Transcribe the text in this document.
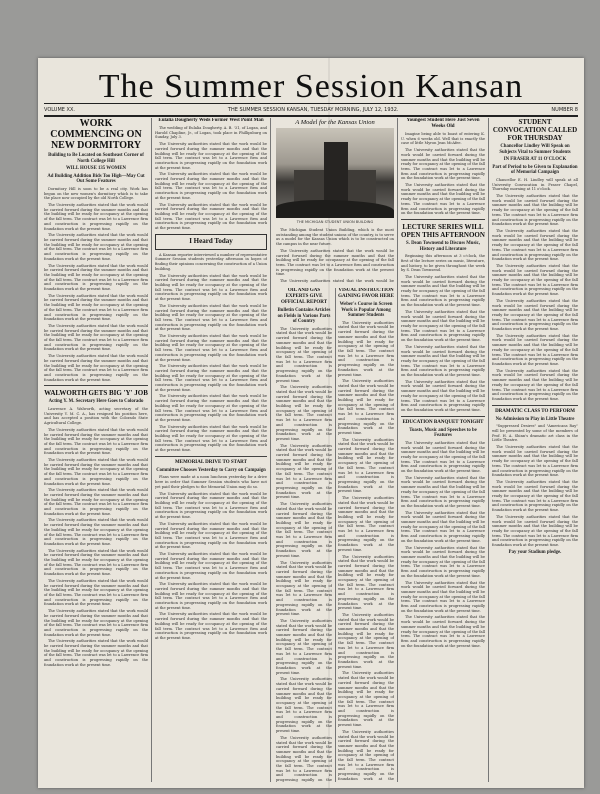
The Summer Session Kansan
VOLUME XX.	THE SUMMER SESSION KANSAN, TUESDAY MORNING, JULY 12, 1932.	NUMBER 8
WORK COMMENCING ON NEW DORMITORY
Building to Be Located on Southeast Corner of North College Hill
WILL HOUSE 135 WOMEN
Ad Building Addition Bids Too High—May Cut Out Some Features

Dormitory Hill is soon to be a real city. Work has begun on the new women's dormitory which is to take the place now occupied by the old North College.

The University authorities stated that the work would be carried forward during the summer months and that the building will be ready for occupancy at the opening of the fall term. The contract was let to a Lawrence firm and construction is progressing rapidly on the foundation work at the present time.

The University authorities stated that the work would be carried forward during the summer months and that the building will be ready for occupancy at the opening of the fall term. The contract was let to a Lawrence firm and construction is progressing rapidly on the foundation work at the present time.

The University authorities stated that the work would be carried forward during the summer months and that the building will be ready for occupancy at the opening of the fall term. The contract was let to a Lawrence firm and construction is progressing rapidly on the foundation work at the present time.

The University authorities stated that the work would be carried forward during the summer months and that the building will be ready for occupancy at the opening of the fall term. The contract was let to a Lawrence firm and construction is progressing rapidly on the foundation work at the present time.

The University authorities stated that the work would be carried forward during the summer months and that the building will be ready for occupancy at the opening of the fall term. The contract was let to a Lawrence firm and construction is progressing rapidly on the foundation work at the present time.

The University authorities stated that the work would be carried forward during the summer months and that the building will be ready for occupancy at the opening of the fall term. The contract was let to a Lawrence firm and construction is progressing rapidly on the foundation work at the present time.

WALWORTH GETS BIG 'Y' JOB
Acting Y. M. Secretary Here Goes to Colorado

Lawrence A. Walworth, acting secretary of the University Y. M. C. A., has resigned his position here, and has accepted a position with the Colorado State Agricultural College.

The University authorities stated that the work would be carried forward during the summer months and that the building will be ready for occupancy at the opening of the fall term. The contract was let to a Lawrence firm and construction is progressing rapidly on the foundation work at the present time.

The University authorities stated that the work would be carried forward during the summer months and that the building will be ready for occupancy at the opening of the fall term. The contract was let to a Lawrence firm and construction is progressing rapidly on the foundation work at the present time.

The University authorities stated that the work would be carried forward during the summer months and that the building will be ready for occupancy at the opening of the fall term. The contract was let to a Lawrence firm and construction is progressing rapidly on the foundation work at the present time.

The University authorities stated that the work would be carried forward during the summer months and that the building will be ready for occupancy at the opening of the fall term. The contract was let to a Lawrence firm and construction is progressing rapidly on the foundation work at the present time.

The University authorities stated that the work would be carried forward during the summer months and that the building will be ready for occupancy at the opening of the fall term. The contract was let to a Lawrence firm and construction is progressing rapidly on the foundation work at the present time.

The University authorities stated that the work would be carried forward during the summer months and that the building will be ready for occupancy at the opening of the fall term. The contract was let to a Lawrence firm and construction is progressing rapidly on the foundation work at the present time.

The University authorities stated that the work would be carried forward during the summer months and that the building will be ready for occupancy at the opening of the fall term. The contract was let to a Lawrence firm and construction is progressing rapidly on the foundation work at the present time.

The University authorities stated that the work would be carried forward during the summer months and that the building will be ready for occupancy at the opening of the fall term. The contract was let to a Lawrence firm and construction is progressing rapidly on the foundation work at the present time.

Eulalia Dougherty Weds Former West Point Man

The wedding of Eulalia Dougherty, A. B. '31, of Logan, and Harold Chapline, Jr., of Logan, took place in Phillipsburg on Sunday, July 3.

The University authorities stated that the work would be carried forward during the summer months and that the building will be ready for occupancy at the opening of the fall term. The contract was let to a Lawrence firm and construction is progressing rapidly on the foundation work at the present time.

The University authorities stated that the work would be carried forward during the summer months and that the building will be ready for occupancy at the opening of the fall term. The contract was let to a Lawrence firm and construction is progressing rapidly on the foundation work at the present time.

The University authorities stated that the work would be carried forward during the summer months and that the building will be ready for occupancy at the opening of the fall term. The contract was let to a Lawrence firm and construction is progressing rapidly on the foundation work at the present time.

I Heard Today

A Kansan reporter interviewed a number of representative Summer Session students yesterday afternoon in hopes of finding their opinions concerning the construction of a Union building.

The University authorities stated that the work would be carried forward during the summer months and that the building will be ready for occupancy at the opening of the fall term. The contract was let to a Lawrence firm and construction is progressing rapidly on the foundation work at the present time.

The University authorities stated that the work would be carried forward during the summer months and that the building will be ready for occupancy at the opening of the fall term. The contract was let to a Lawrence firm and construction is progressing rapidly on the foundation work at the present time.

The University authorities stated that the work would be carried forward during the summer months and that the building will be ready for occupancy at the opening of the fall term. The contract was let to a Lawrence firm and construction is progressing rapidly on the foundation work at the present time.

The University authorities stated that the work would be carried forward during the summer months and that the building will be ready for occupancy at the opening of the fall term. The contract was let to a Lawrence firm and construction is progressing rapidly on the foundation work at the present time.

The University authorities stated that the work would be carried forward during the summer months and that the building will be ready for occupancy at the opening of the fall term. The contract was let to a Lawrence firm and construction is progressing rapidly on the foundation work at the present time.

The University authorities stated that the work would be carried forward during the summer months and that the building will be ready for occupancy at the opening of the fall term. The contract was let to a Lawrence firm and construction is progressing rapidly on the foundation work at the present time.

MEMORIAL DRIVE TO START
Committee Chooses Yesterday to Carry on Campaign

Plans were made at a noon luncheon yesterday for a drive here in order that Summer Session students who have not yet paid their pledges to the Memorial Union may do so.

The University authorities stated that the work would be carried forward during the summer months and that the building will be ready for occupancy at the opening of the fall term. The contract was let to a Lawrence firm and construction is progressing rapidly on the foundation work at the present time.

The University authorities stated that the work would be carried forward during the summer months and that the building will be ready for occupancy at the opening of the fall term. The contract was let to a Lawrence firm and construction is progressing rapidly on the foundation work at the present time.

The University authorities stated that the work would be carried forward during the summer months and that the building will be ready for occupancy at the opening of the fall term. The contract was let to a Lawrence firm and construction is progressing rapidly on the foundation work at the present time.

The University authorities stated that the work would be carried forward during the summer months and that the building will be ready for occupancy at the opening of the fall term. The contract was let to a Lawrence firm and construction is progressing rapidly on the foundation work at the present time.

The University authorities stated that the work would be carried forward during the summer months and that the building will be ready for occupancy at the opening of the fall term. The contract was let to a Lawrence firm and construction is progressing rapidly on the foundation work at the present time.

A Model for the Kansas Union
THE MICHIGAN STUDENT UNION BUILDING

The Michigan Student Union Building, which is the most outstanding among the student unions of the country, is to serve as a model for the Kansas Union which is to be constructed on the campus in the near future.

The University authorities stated that the work would be carried forward during the summer months and that the building will be ready for occupancy at the opening of the fall term. The contract was let to a Lawrence firm and construction is progressing rapidly on the foundation work at the present time.

The University authorities stated that the work would be

OIL AND GAS EXPERTS GIVE OFFICIAL REPORT
Bulletin Contains Articles on Fields in Various Parts of Country

The University authorities stated that the work would be carried forward during the summer months and that the building will be ready for occupancy at the opening of the fall term. The contract was let to a Lawrence firm and construction is progressing rapidly on the foundation work at the present time.

The University authorities stated that the work would be carried forward during the summer months and that the building will be ready for occupancy at the opening of the fall term. The contract was let to a Lawrence firm and construction is progressing rapidly on the foundation work at the present time.

The University authorities stated that the work would be carried forward during the summer months and that the building will be ready for occupancy at the opening of the fall term. The contract was let to a Lawrence firm and construction is progressing rapidly on the foundation work at the present time.

The University authorities stated that the work would be carried forward during the summer months and that the building will be ready for occupancy at the opening of the fall term. The contract was let to a Lawrence firm and construction is progressing rapidly on the foundation work at the present time.

The University authorities stated that the work would be carried forward during the summer months and that the building will be ready for occupancy at the opening of the fall term. The contract was let to a Lawrence firm and construction is progressing rapidly on the foundation work at the present time.

The University authorities stated that the work would be carried forward during the summer months and that the building will be ready for occupancy at the opening of the fall term. The contract was let to a Lawrence firm and construction is progressing rapidly on the foundation work at the present time.

The University authorities stated that the work would be carried forward during the summer months and that the building will be ready for occupancy at the opening of the fall term. The contract was let to a Lawrence firm and construction is progressing rapidly on the foundation work at the present time.

The University authorities stated that the work would be carried forward during the summer months and that the building will be ready for occupancy at the opening of the fall term. The contract was let to a Lawrence firm and construction is progressing rapidly on the

VISUAL INSTRUCTION GAINING FAVOR HERE
Weber's Course in Screen Work is Popular Among Summer Students

The University authorities stated that the work would be carried forward during the summer months and that the building will be ready for occupancy at the opening of the fall term. The contract was let to a Lawrence firm and construction is progressing rapidly on the foundation work at the present time.

The University authorities stated that the work would be carried forward during the summer months and that the building will be ready for occupancy at the opening of the fall term. The contract was let to a Lawrence firm and construction is progressing rapidly on the foundation work at the present time.

The University authorities stated that the work would be carried forward during the summer months and that the building will be ready for occupancy at the opening of the fall term. The contract was let to a Lawrence firm and construction is progressing rapidly on the foundation work at the present time.

The University authorities stated that the work would be carried forward during the summer months and that the building will be ready for occupancy at the opening of the fall term. The contract was let to a Lawrence firm and construction is progressing rapidly on the foundation work at the present time.

The University authorities stated that the work would be carried forward during the summer months and that the building will be ready for occupancy at the opening of the fall term. The contract was let to a Lawrence firm and construction is progressing rapidly on the foundation work at the present time.

The University authorities stated that the work would be carried forward during the summer months and that the building will be ready for occupancy at the opening of the fall term. The contract was let to a Lawrence firm and construction is progressing rapidly on the foundation work at the present time.

The University authorities stated that the work would be carried forward during the summer months and that the building will be ready for occupancy at the opening of the fall term. The contract was let to a Lawrence firm and construction is progressing rapidly on the foundation work at the present time.

The University authorities stated that the work would be carried forward during the summer months and that the building will be ready for occupancy at the opening of the fall term. The contract was let to a Lawrence firm and construction is progressing rapidly on the foundation work at the

Youngest Student Here Just Seven Weeks Old

Imagine being able to boast of entering K. U. when 6 weeks old. Well that is exactly the case of little Myron Jean McAfee.

The University authorities stated that the work would be carried forward during the summer months and that the building will be ready for occupancy at the opening of the fall term. The contract was let to a Lawrence firm and construction is progressing rapidly on the foundation work at the present time.

The University authorities stated that the work would be carried forward during the summer months and that the building will be ready for occupancy at the opening of the fall term. The contract was let to a Lawrence firm and construction is progressing rapidly on the foundation work at the present time.

LECTURE SERIES WILL OPEN THIS AFTERNOON
S. Dean Townsend to Discuss Music, History and Literature

Beginning this afternoon at 3 o'clock, the first of the lecture series on music, literature, and history, to be given throughout the week by S. Dean Townsend.

The University authorities stated that the work would be carried forward during the summer months and that the building will be ready for occupancy at the opening of the fall term. The contract was let to a Lawrence firm and construction is progressing rapidly on the foundation work at the present time.

The University authorities stated that the work would be carried forward during the summer months and that the building will be ready for occupancy at the opening of the fall term. The contract was let to a Lawrence firm and construction is progressing rapidly on the foundation work at the present time.

The University authorities stated that the work would be carried forward during the summer months and that the building will be ready for occupancy at the opening of the fall term. The contract was let to a Lawrence firm and construction is progressing rapidly on the foundation work at the present time.

The University authorities stated that the work would be carried forward during the summer months and that the building will be ready for occupancy at the opening of the fall term. The contract was let to a Lawrence firm and construction is progressing rapidly on the foundation work at the present time.

EDUCATION BANQUET TONIGHT
Toasts, Music and Speeches to be Features

The University authorities stated that the work would be carried forward during the summer months and that the building will be ready for occupancy at the opening of the fall term. The contract was let to a Lawrence firm and construction is progressing rapidly on the foundation work at the present time.

The University authorities stated that the work would be carried forward during the summer months and that the building will be ready for occupancy at the opening of the fall term. The contract was let to a Lawrence firm and construction is progressing rapidly on the foundation work at the present time.

The University authorities stated that the work would be carried forward during the summer months and that the building will be ready for occupancy at the opening of the fall term. The contract was let to a Lawrence firm and construction is progressing rapidly on the foundation work at the present time.

The University authorities stated that the work would be carried forward during the summer months and that the building will be ready for occupancy at the opening of the fall term. The contract was let to a Lawrence firm and construction is progressing rapidly on the foundation work at the present time.

The University authorities stated that the work would be carried forward during the summer months and that the building will be ready for occupancy at the opening of the fall term. The contract was let to a Lawrence firm and construction is progressing rapidly on the foundation work at the present time.

The University authorities stated that the work would be carried forward during the summer months and that the building will be ready for occupancy at the opening of the fall term. The contract was let to a Lawrence firm and construction is progressing rapidly on the foundation work at the present time.

STUDENT CONVOCATION CALLED FOR THURSDAY
Chancellor Lindley Will Speak on Subjects Vital to Summer Students
IN FRASER AT 11 O'CLOCK
Part of Period to be Given to Explanation of Memorial Campaign

Chancellor E. H. Lindley will speak at all University Convocation in Fraser Chapel, Thursday morning at 11 o'clock.

The University authorities stated that the work would be carried forward during the summer months and that the building will be ready for occupancy at the opening of the fall term. The contract was let to a Lawrence firm and construction is progressing rapidly on the foundation work at the present time.

The University authorities stated that the work would be carried forward during the summer months and that the building will be ready for occupancy at the opening of the fall term. The contract was let to a Lawrence firm and construction is progressing rapidly on the foundation work at the present time.

The University authorities stated that the work would be carried forward during the summer months and that the building will be ready for occupancy at the opening of the fall term. The contract was let to a Lawrence firm and construction is progressing rapidly on the foundation work at the present time.

The University authorities stated that the work would be carried forward during the summer months and that the building will be ready for occupancy at the opening of the fall term. The contract was let to a Lawrence firm and construction is progressing rapidly on the foundation work at the present time.

The University authorities stated that the work would be carried forward during the summer months and that the building will be ready for occupancy at the opening of the fall term. The contract was let to a Lawrence firm and construction is progressing rapidly on the foundation work at the present time.

The University authorities stated that the work would be carried forward during the summer months and that the building will be ready for occupancy at the opening of the fall term. The contract was let to a Lawrence firm and construction is progressing rapidly on the foundation work at the present time.

DRAMATIC CLASS TO PERFORM
No Admission to Play in Little Theatre

"Suppressed Desires" and "Americans Ray" will be presented by some of the members of Prof. H. A. Shinn's dramatic art class in the Little Theatre.

The University authorities stated that the work would be carried forward during the summer months and that the building will be ready for occupancy at the opening of the fall term. The contract was let to a Lawrence firm and construction is progressing rapidly on the foundation work at the present time.

The University authorities stated that the work would be carried forward during the summer months and that the building will be ready for occupancy at the opening of the fall term. The contract was let to a Lawrence firm and construction is progressing rapidly on the foundation work at the present time.

The University authorities stated that the work would be carried forward during the summer months and that the building will be ready for occupancy at the opening of the fall term. The contract was let to a Lawrence firm and construction is progressing rapidly on the foundation work at the present time.

Pay your Stadium pledge.
